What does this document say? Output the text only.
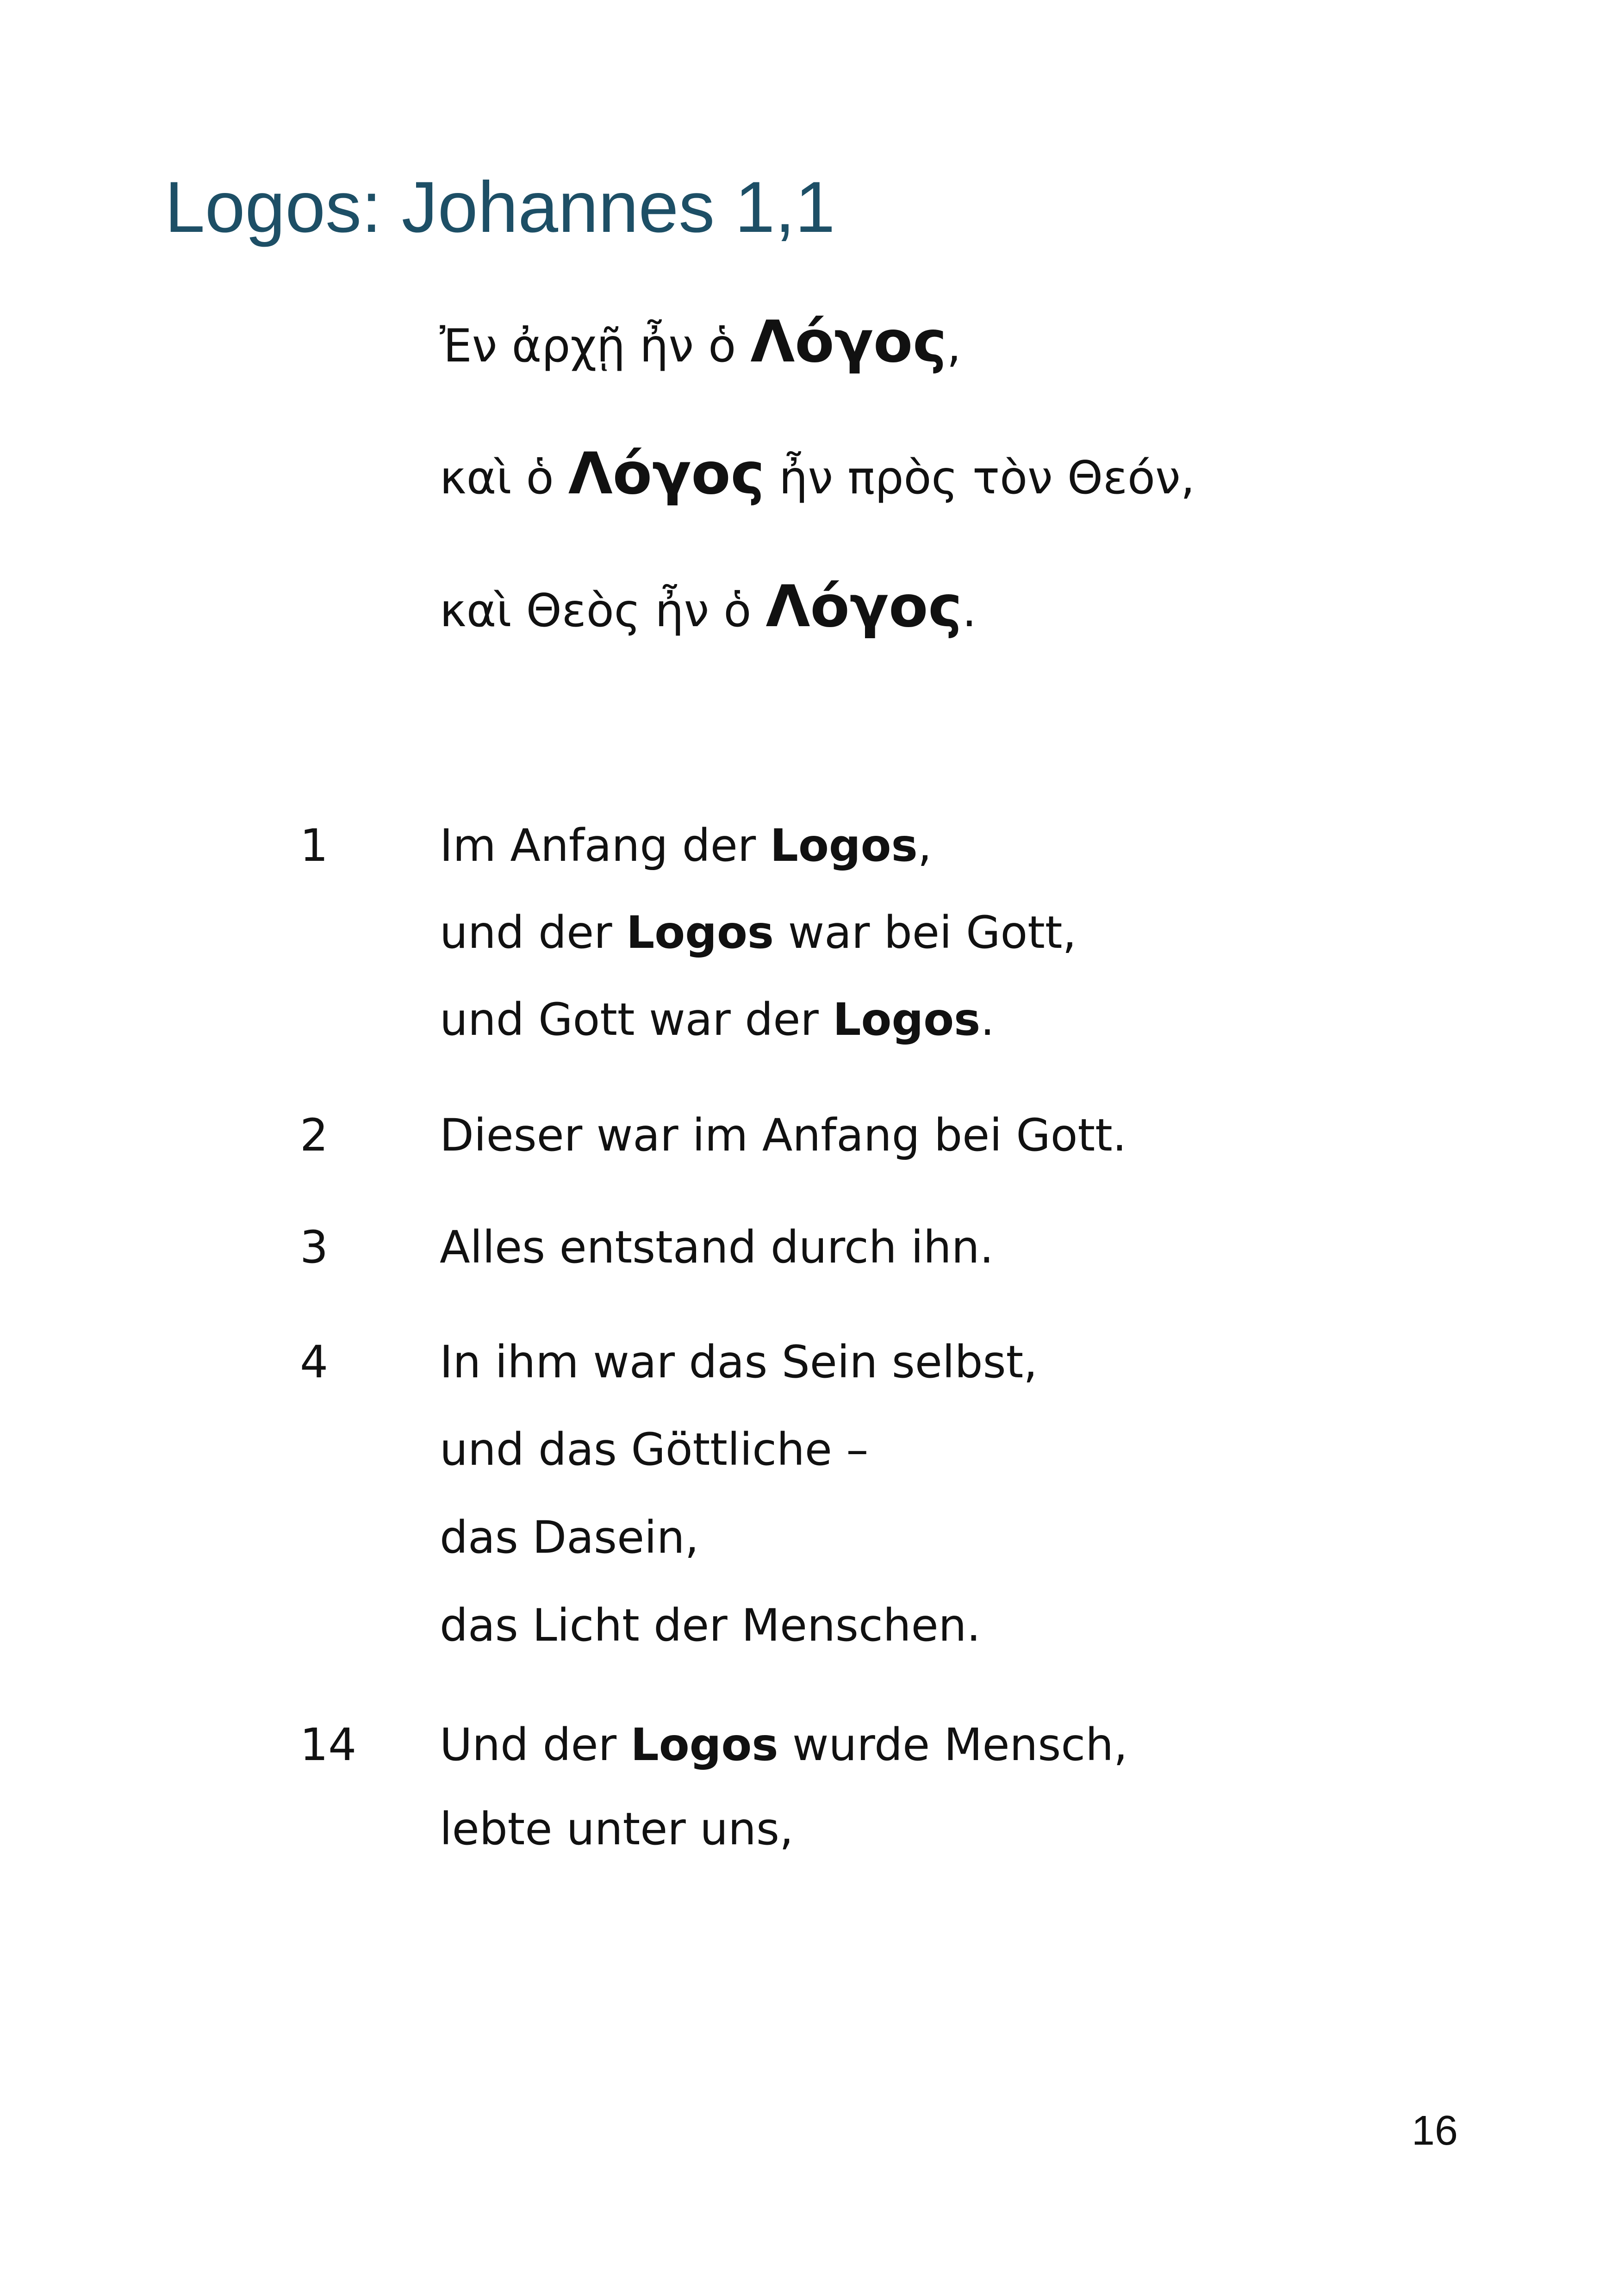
Logos: Johannes 1,1
Ἐν ἀρχῇ ἦν ὁ Λόγος,
καὶ ὁ Λόγος ἦν πρὸς τὸν Θεόν,
καὶ Θεὸς ἦν ὁ Λόγος.
1	Im Anfang der Logos,
und der Logos war bei Gott,
und Gott war der Logos.
2	Dieser war im Anfang bei Gott.
3	Alles entstand durch ihn.
4	In ihm war das Sein selbst,
und das Göttliche –
das Dasein,
das Licht der Menschen.
14 Und der Logos wurde Mensch,
lebte unter uns,
16
